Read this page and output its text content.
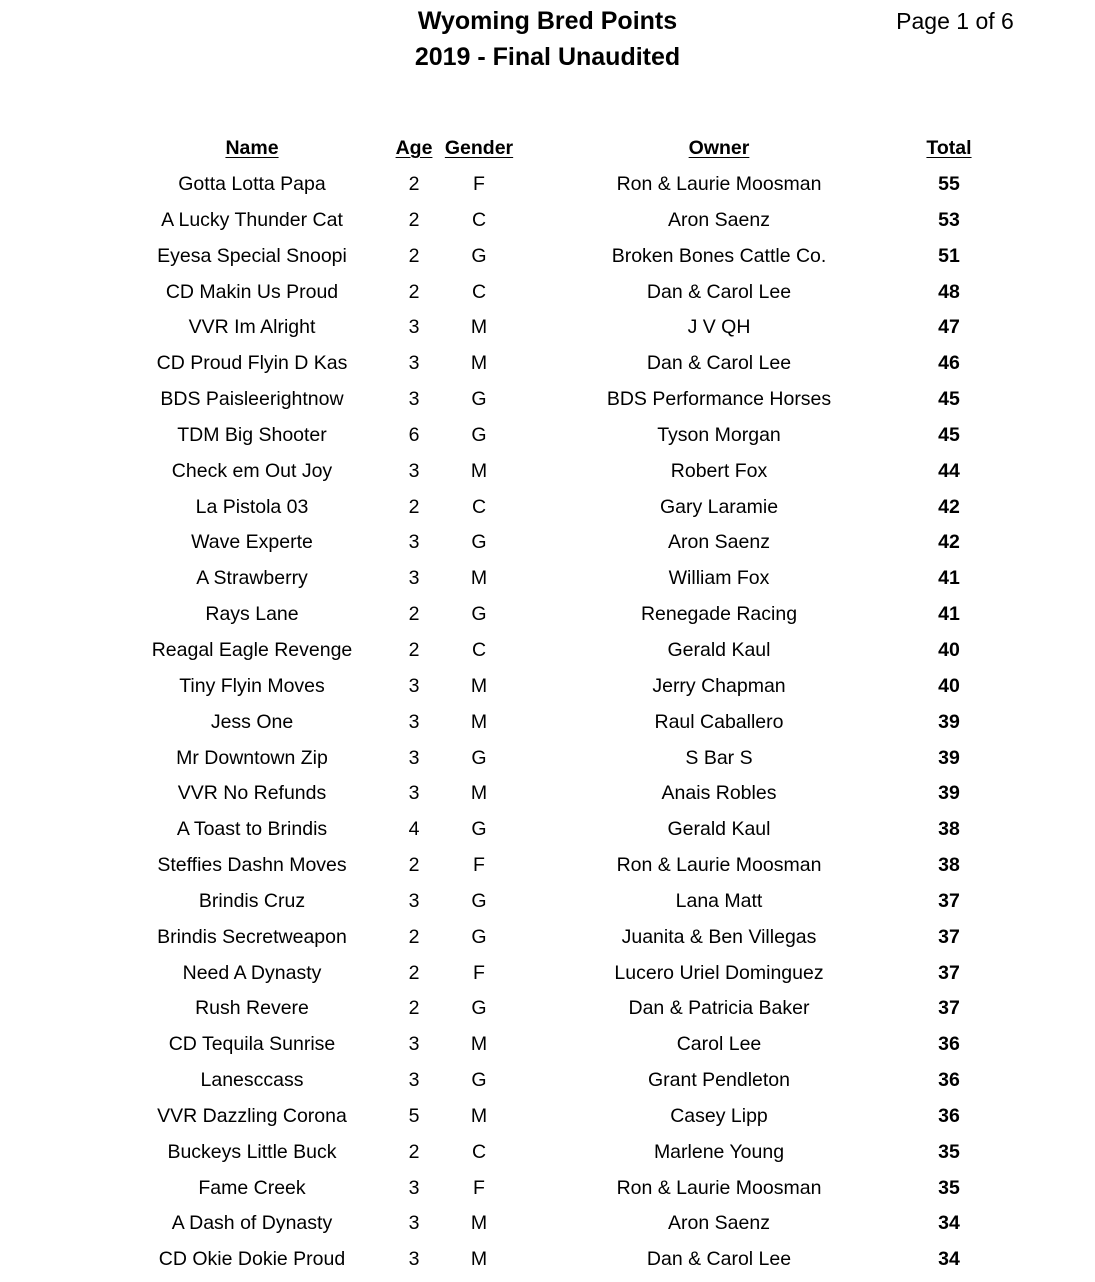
Wyoming Bred Points
2019 - Final Unaudited
Page 1 of 6
Name	Age Gender	Owner	Total
Gotta Lotta Papa	2	F	Ron & Laurie Moosman	55
A Lucky Thunder Cat	2	C	Aron Saenz	53
Eyesa Special Snoopi	2	G	Broken Bones Cattle Co.	51
CD Makin Us Proud	2	C	Dan & Carol Lee	48
VVR Im Alright	3	M	J V QH	47
CD Proud Flyin D Kas	3	M	Dan & Carol Lee	46
BDS Paisleerightnow	3	G	BDS Performance Horses	45
TDM Big Shooter	6	G	Tyson Morgan	45
Check em Out Joy	3	M	Robert Fox	44
La Pistola 03	2	C	Gary Laramie	42
Wave Experte	3	G	Aron Saenz	42
A Strawberry	3	M	William Fox	41
Rays Lane	2	G	Renegade Racing	41
Reagal Eagle Revenge	2	C	Gerald Kaul	40
Tiny Flyin Moves	3	M	Jerry Chapman	40
Jess One	3	M	Raul Caballero	39
Mr Downtown Zip	3	G	S Bar S	39
VVR No Refunds	3	M	Anais Robles	39
A Toast to Brindis	4	G	Gerald Kaul	38
Steffies Dashn Moves	2	F	Ron & Laurie Moosman	38
Brindis Cruz	3	G	Lana Matt	37
Brindis Secretweapon	2	G	Juanita & Ben Villegas	37
Need A Dynasty	2	F	Lucero Uriel Dominguez	37
Rush Revere	2	G	Dan & Patricia Baker	37
CD Tequila Sunrise	3	M	Carol Lee	36
Lanesccass	3	G	Grant Pendleton	36
VVR Dazzling Corona	5	M	Casey Lipp	36
Buckeys Little Buck	2	C	Marlene Young	35
Fame Creek	3	F	Ron & Laurie Moosman	35
A Dash of Dynasty	3	M	Aron Saenz	34
CD Okie Dokie Proud	3	M	Dan & Carol Lee	34
